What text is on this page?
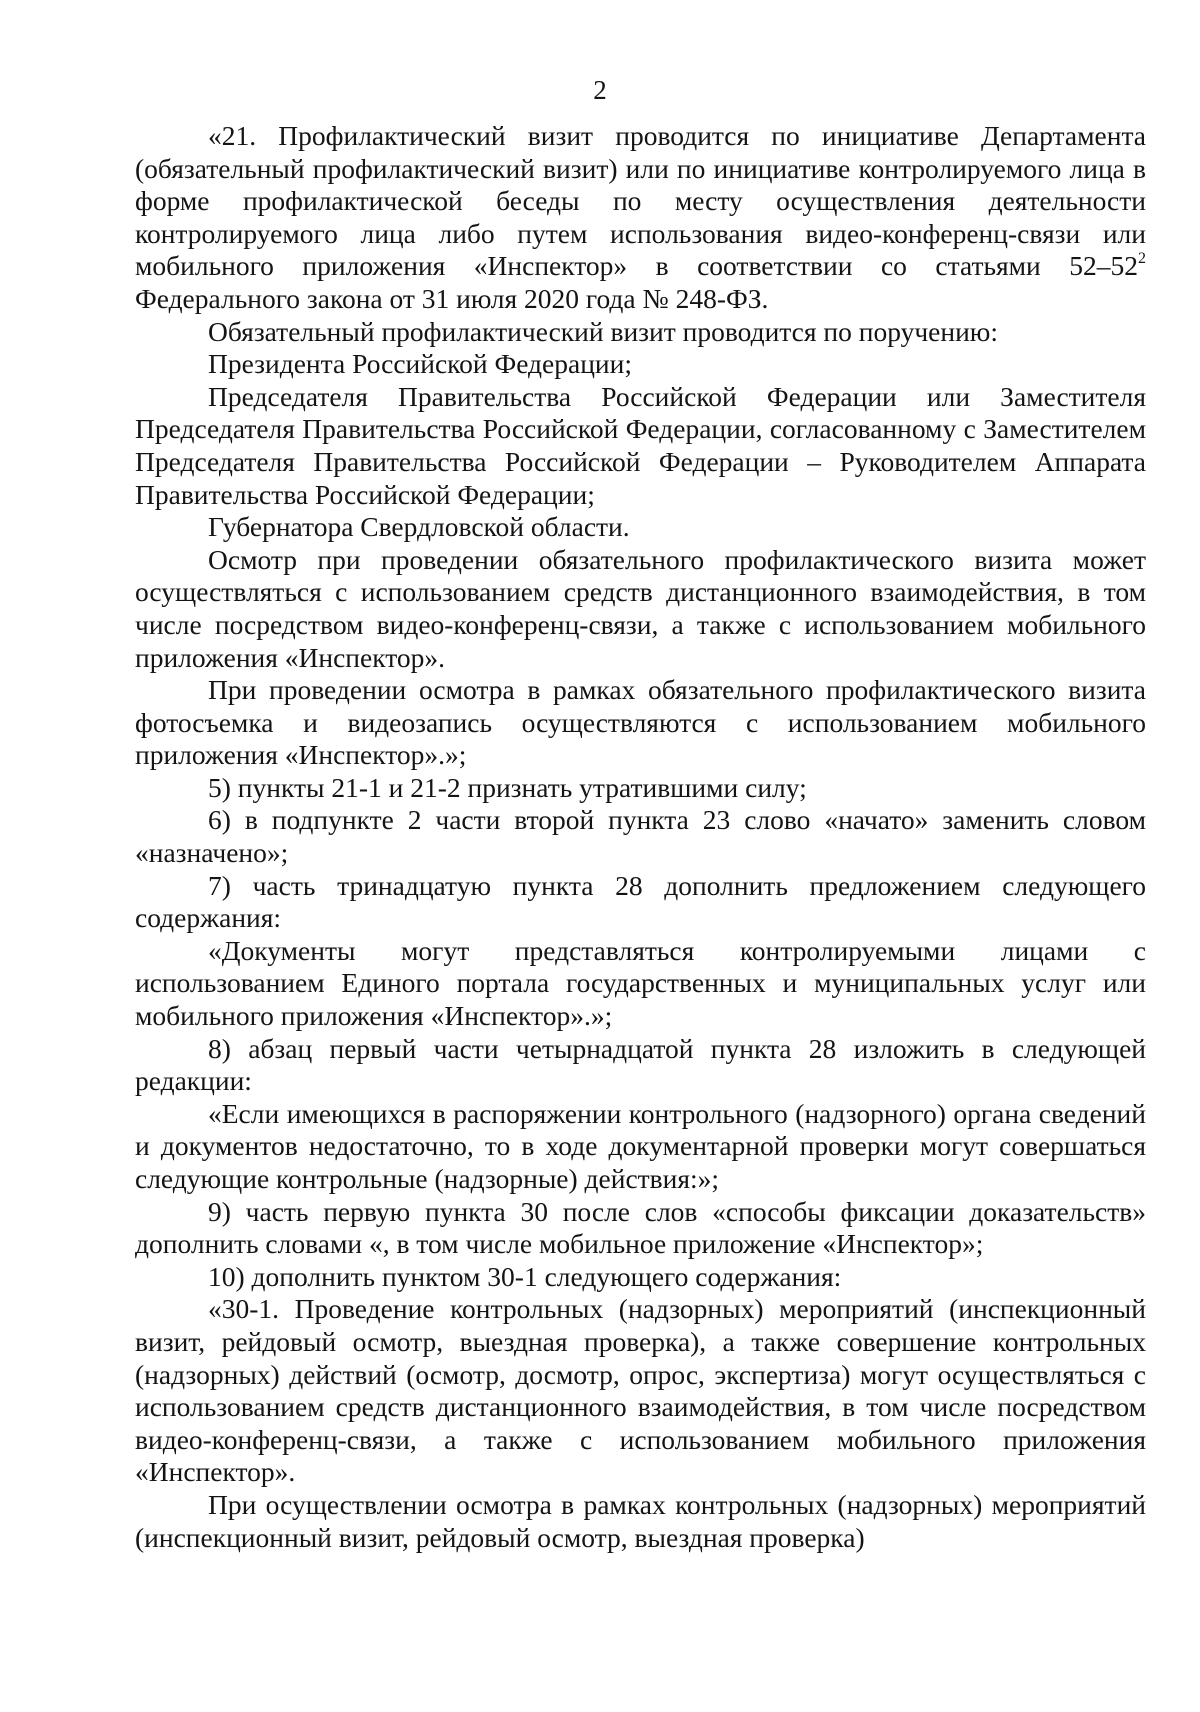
2

«21. Профилактический визит проводится по инициативе Департамента (обязательный профилактический визит) или по инициативе контролируемого лица в форме профилактической беседы по месту осуществления деятельности контролируемого лица либо путем использования видео-конференц-связи или мобильного приложения «Инспектор» в соответствии со статьями $52-52^2$ Федерального закона от 31 июля 2020 года № 248-ФЗ.

Обязательный профилактический визит проводится по поручению:

Президента Российской Федерации;

Председателя Правительства Российской Федерации или Заместителя Председателя Правительства Российской Федерации, согласованному с Заместителем Председателя Правительства Российской Федерации – Руководителем Аппарата Правительства Российской Федерации;

Губернатора Свердловской области.

Осмотр при проведении обязательного профилактического визита может осуществляться с использованием средств дистанционного взаимодействия, в том числе посредством видео-конференц-связи, а также с использованием мобильного приложения «Инспектор».

При проведении осмотра в рамках обязательного профилактического визита фотосъемка и видеозапись осуществляются с использованием мобильного приложения «Инспектор».»;

5) пункты 21-1 и 21-2 признать утратившими силу;

6) в подпункте 2 части второй пункта 23 слово «начато» заменить словом «назначено»;

7) часть тринадцатую пункта 28 дополнить предложением следующего содержания:

«Документы могут представляться контролируемыми лицами с использованием Единого портала государственных и муниципальных услуг или мобильного приложения «Инспектор».»;

8) абзац первый части четырнадцатой пункта 28 изложить в следующей редакции:

«Если имеющихся в распоряжении контрольного (надзорного) органа сведений и документов недостаточно, то в ходе документарной проверки могут совершаться следующие контрольные (надзорные) действия:»;

9) часть первую пункта 30 после слов «способы фиксации доказательств» дополнить словами «, в том числе мобильное приложение «Инспектор»;

10) дополнить пунктом 30-1 следующего содержания:

«30-1. Проведение контрольных (надзорных) мероприятий (инспекционный визит, рейдовый осмотр, выездная проверка), а также совершение контрольных (надзорных) действий (осмотр, досмотр, опрос, экспертиза) могут осуществляться с использованием средств дистанционного взаимодействия, в том числе посредством видео-конференц-связи, а также с использованием мобильного приложения «Инспектор».

При осуществлении осмотра в рамках контрольных (надзорных) мероприятий (инспекционный визит, рейдовый осмотр, выездная проверка)
